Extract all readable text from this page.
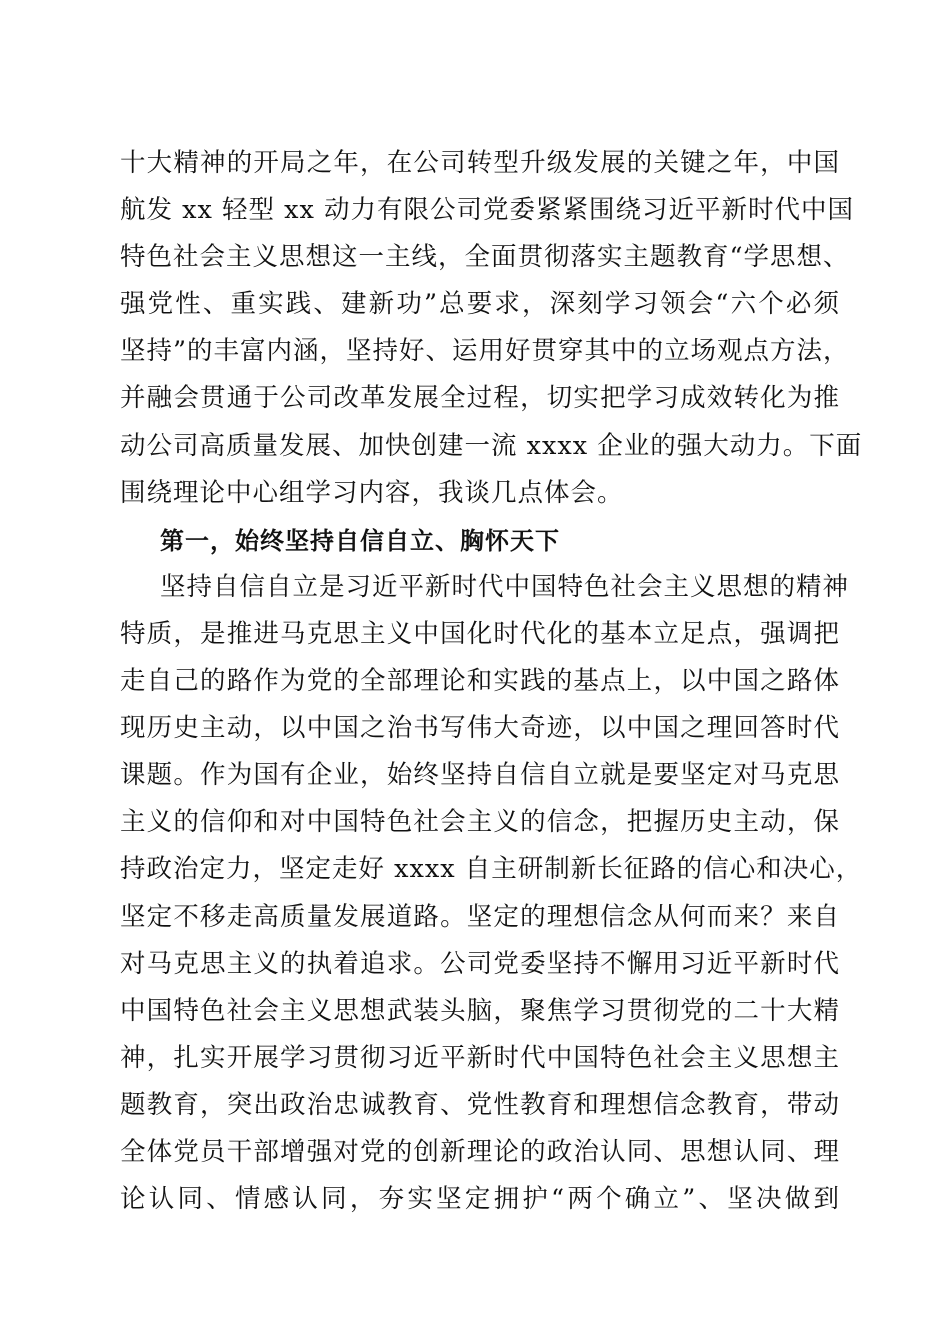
十大精神的开局之年，在公司转型升级发展的关键之年，中国
航发 xx 轻型 xx 动力有限公司党委紧紧围绕习近平新时代中国
特色社会主义思想这一主线，全面贯彻落实主题教育“学思想、
强党性、重实践、建新功”总要求，深刻学习领会“六个必须
坚持”的丰富内涵，坚持好、运用好贯穿其中的立场观点方法，
并融会贯通于公司改革发展全过程，切实把学习成效转化为推
动公司高质量发展、加快创建一流 xxxx 企业的强大动力。下面
围绕理论中心组学习内容，我谈几点体会。
第一，始终坚持自信自立、胸怀天下
坚持自信自立是习近平新时代中国特色社会主义思想的精神
特质，是推进马克思主义中国化时代化的基本立足点，强调把
走自己的路作为党的全部理论和实践的基点上，以中国之路体
现历史主动，以中国之治书写伟大奇迹，以中国之理回答时代
课题。作为国有企业，始终坚持自信自立就是要坚定对马克思
主义的信仰和对中国特色社会主义的信念，把握历史主动，保
持政治定力，坚定走好 xxxx 自主研制新长征路的信心和决心，
坚定不移走高质量发展道路。坚定的理想信念从何而来？来自
对马克思主义的执着追求。公司党委坚持不懈用习近平新时代
中国特色社会主义思想武装头脑，聚焦学习贯彻党的二十大精
神，扎实开展学习贯彻习近平新时代中国特色社会主义思想主
题教育，突出政治忠诚教育、党性教育和理想信念教育，带动
全体党员干部增强对党的创新理论的政治认同、思想认同、理
论认同、情感认同，夯实坚定拥护“两个确立”、坚决做到
